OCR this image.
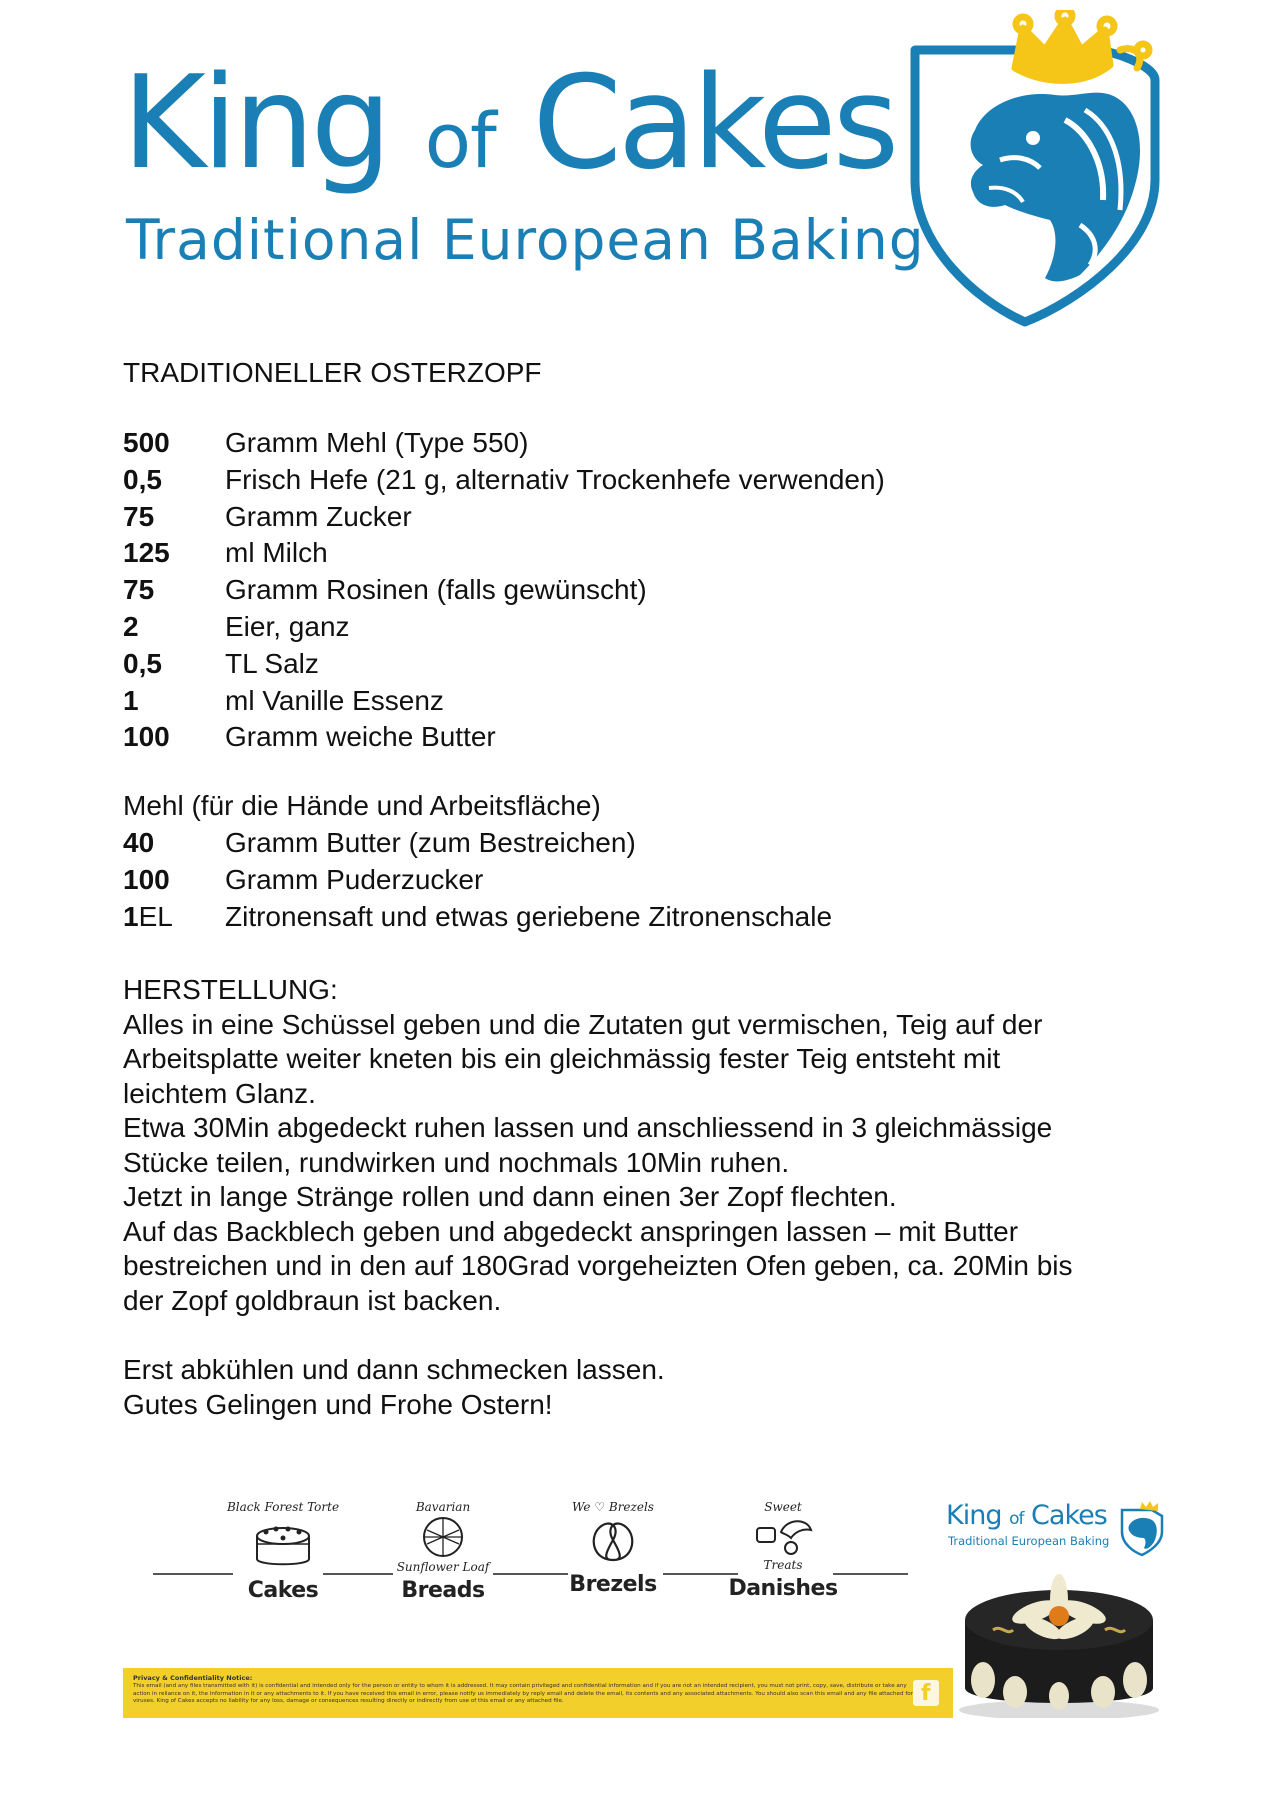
King of Cakes
Traditional European Baking
TRADITIONELLER OSTERZOPF
500	Gramm Mehl (Type 550)
0,5	Frisch Hefe (21 g, alternativ Trockenhefe verwenden)
75	Gramm Zucker
125	ml Milch
75	Gramm Rosinen (falls gewünscht)
2	Eier, ganz
0,5	TL Salz
1	ml Vanille Essenz
100	Gramm weiche Butter
Mehl (für die Hände und Arbeitsfläche)
40	Gramm Butter (zum Bestreichen)
100	Gramm Puderzucker
1EL	Zitronensaft und etwas geriebene Zitronenschale
HERSTELLUNG:

Alles in eine Schüssel geben und die Zutaten gut vermischen, Teig auf der

Arbeitsplatte weiter kneten bis ein gleichmässig fester Teig entsteht mit

leichtem Glanz.

Etwa 30Min abgedeckt ruhen lassen und anschliessend in 3 gleichmässige

Stücke teilen, rundwirken und nochmals 10Min ruhen.

Jetzt in lange Stränge rollen und dann einen 3er Zopf flechten.

Auf das Backblech geben und abgedeckt anspringen lassen – mit Butter

bestreichen und in den auf 180Grad vorgeheizten Ofen geben, ca. 20Min bis

der Zopf goldbraun ist backen.

Erst abkühlen und dann schmecken lassen.

Gutes Gelingen und Frohe Ostern!

Black Forest Torte
Cakes
Bavarian
Sunflower Loaf
Breads
We ♡ Brezels
Brezels
Sweet
Treats
Danishes
King of Cakes
Traditional European Baking
Privacy & Confidentiality Notice:
This email (and any files transmitted with it) is confidential and intended only for the person or entity to whom it is addressed. It may contain privileged and confidential information and if you are not an intended recipient, you must not print, copy, save, distribute or take any action in reliance on it, the information in it or any attachments to it. If you have received this email in error, please notify us immediately by reply email and delete the email, its contents and any associated attachments. You should also scan this email and any file attached for viruses. King of Cakes accepts no liability for any loss, damage or consequences resulting directly or indirectly from use of this email or any attached file.	f
